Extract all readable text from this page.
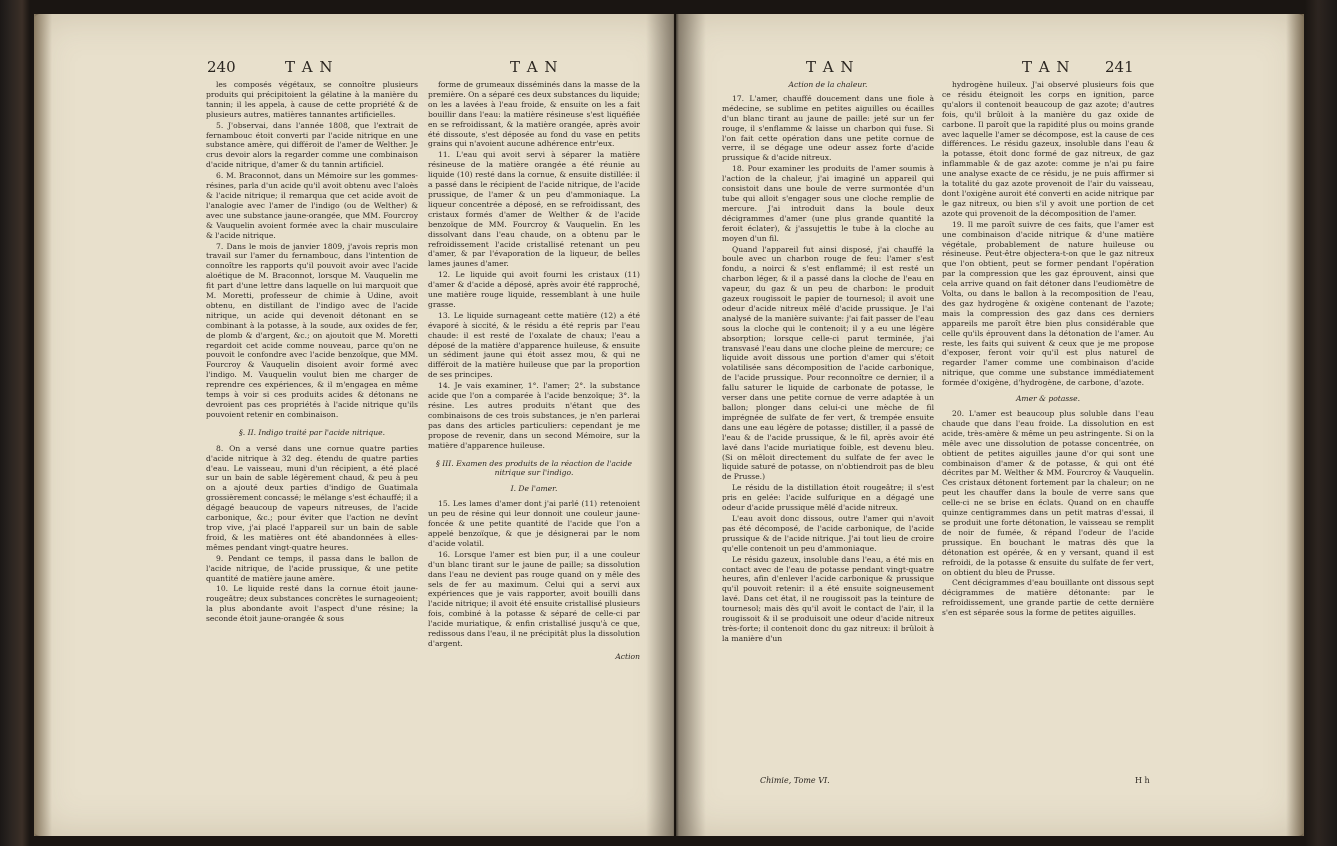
240	T A N	T A N

les composés végétaux, se connoître plusieurs produits qui précipitoient la gélatine à la manière du tannin; il les appela, à cause de cette propriété & de plusieurs autres, matières tannantes artificielles.

5. J'observai, dans l'année 1808, que l'extrait de fernambouc étoit converti par l'acide nitrique en une substance amère, qui différoit de l'amer de Welther. Je crus devoir alors la regarder comme une combinaison d'acide nitrique, d'amer & du tannin artificiel.

6. M. Braconnot, dans un Mémoire sur les gommes-résines, parla d'un acide qu'il avoit obtenu avec l'aloès & l'acide nitrique; il remarqua que cet acide avoit de l'analogie avec l'amer de l'indigo (ou de Welther) & avec une substance jaune-orangée, que MM. Fourcroy & Vauquelin avoient formée avec la chair musculaire & l'acide nitrique.

7. Dans le mois de janvier 1809, j'avois repris mon travail sur l'amer du fernambouc, dans l'intention de connoître les rapports qu'il pouvoit avoir avec l'acide aloétique de M. Braconnot, lorsque M. Vauquelin me fit part d'une lettre dans laquelle on lui marquoit que M. Moretti, professeur de chimie à Udine, avoit obtenu, en distillant de l'indigo avec de l'acide nitrique, un acide qui devenoit détonant en se combinant à la potasse, à la soude, aux oxides de fer, de plomb & d'argent, &c.; on ajoutoit que M. Moretti regardoit cet acide comme nouveau, parce qu'on ne pouvoit le confondre avec l'acide benzoïque, que MM. Fourcroy & Vauquelin disoient avoir formé avec l'indigo. M. Vauquelin voulut bien me charger de reprendre ces expériences, & il m'engagea en même temps à voir si ces produits acides & détonans ne devroient pas ces propriétés à l'acide nitrique qu'ils pouvoient retenir en combinaison.

§. II. Indigo traité par l'acide nitrique.

8. On a versé dans une cornue quatre parties d'acide nitrique à 32 deg. étendu de quatre parties d'eau. Le vaisseau, muni d'un récipient, a été placé sur un bain de sable légèrement chaud, & peu à peu on a ajouté deux parties d'indigo de Guatimala grossièrement concassé; le mélange s'est échauffé; il a dégagé beaucoup de vapeurs nitreuses, de l'acide carbonique, &c.; pour éviter que l'action ne devînt trop vive, j'ai placé l'appareil sur un bain de sable froid, & les matières ont été abandonnées à elles-mêmes pendant vingt-quatre heures.

9. Pendant ce temps, il passa dans le ballon de l'acide nitrique, de l'acide prussique, & une petite quantité de matière jaune amère.

10. Le liquide resté dans la cornue étoit jaune-rougeâtre; deux substances concrètes le surnageoient; la plus abondante avoit l'aspect d'une résine; la seconde étoit jaune-orangée & sous

forme de grumeaux disséminés dans la masse de la première. On a séparé ces deux substances du liquide; on les a lavées à l'eau froide, & ensuite on les a fait bouillir dans l'eau: la matière résineuse s'est liquéfiée en se refroidissant, & la matière orangée, après avoir été dissoute, s'est déposée au fond du vase en petits grains qui n'avoient aucune adhérence entr'eux.

11. L'eau qui avoit servi à séparer la matière résineuse de la matière orangée a été réunie au liquide (10) resté dans la cornue, & ensuite distillée: il a passé dans le récipient de l'acide nitrique, de l'acide prussique, de l'amer & un peu d'ammoniaque. La liqueur concentrée a déposé, en se refroidissant, des cristaux formés d'amer de Welther & de l'acide benzoïque de MM. Fourcroy & Vauquelin. En les dissolvant dans l'eau chaude, on a obtenu par le refroidissement l'acide cristallisé retenant un peu d'amer, & par l'évaporation de la liqueur, de belles lames jaunes d'amer.

12. Le liquide qui avoit fourni les cristaux (11) d'amer & d'acide a déposé, après avoir été rapproché, une matière rouge liquide, ressemblant à une huile grasse.

13. Le liquide surnageant cette matière (12) a été évaporé à siccité, & le résidu a été repris par l'eau chaude: il est resté de l'oxalate de chaux; l'eau a déposé de la matière d'apparence huileuse, & ensuite un sédiment jaune qui étoit assez mou, & qui ne différoit de la matière huileuse que par la proportion de ses principes.

14. Je vais examiner, 1°. l'amer; 2°. la substance acide que l'on a comparée à l'acide benzoïque; 3°. la résine. Les autres produits n'étant que des combinaisons de ces trois substances, je n'en parlerai pas dans des articles particuliers: cependant je me propose de revenir, dans un second Mémoire, sur la matière d'apparence huileuse.

§ III. Examen des produits de la réaction de l'acide nitrique sur l'indigo.

I. De l'amer.

15. Les lames d'amer dont j'ai parlé (11) retenoient un peu de résine qui leur donnoit une couleur jaune-foncée & une petite quantité de l'acide que l'on a appelé benzoïque, & que je désignerai par le nom d'acide volatil.

16. Lorsque l'amer est bien pur, il a une couleur d'un blanc tirant sur le jaune de paille; sa dissolution dans l'eau ne devient pas rouge quand on y mêle des sels de fer au maximum. Celui qui a servi aux expériences que je vais rapporter, avoit bouilli dans l'acide nitrique; il avoit été ensuite cristallisé plusieurs fois, combiné à la potasse & séparé de celle-ci par l'acide muriatique, & enfin cristallisé jusqu'à ce que, redissous dans l'eau, il ne précipitât plus la dissolution d'argent.

Action
T A N	T A N 241

Action de la chaleur.

17. L'amer, chauffé doucement dans une fiole à médecine, se sublime en petites aiguilles ou écailles d'un blanc tirant au jaune de paille: jeté sur un fer rouge, il s'enflamme & laisse un charbon qui fuse. Si l'on fait cette opération dans une petite cornue de verre, il se dégage une odeur assez forte d'acide prussique & d'acide nitreux.

18. Pour examiner les produits de l'amer soumis à l'action de la chaleur, j'ai imaginé un appareil qui consistoit dans une boule de verre surmontée d'un tube qui alloit s'engager sous une cloche remplie de mercure. J'ai introduit dans la boule deux décigrammes d'amer (une plus grande quantité la feroit éclater), & j'assujettis le tube à la cloche au moyen d'un fil.

Quand l'appareil fut ainsi disposé, j'ai chauffé la boule avec un charbon rouge de feu: l'amer s'est fondu, a noirci & s'est enflammé; il est resté un charbon léger, & il a passé dans la cloche de l'eau en vapeur, du gaz & un peu de charbon: le produit gazeux rougissoit le papier de tournesol; il avoit une odeur d'acide nitreux mêlé d'acide prussique. Je l'ai analysé de la manière suivante: j'ai fait passer de l'eau sous la cloche qui le contenoit; il y a eu une légère absorption; lorsque celle-ci parut terminée, j'ai transvasé l'eau dans une cloche pleine de mercure; ce liquide avoit dissous une portion d'amer qui s'étoit volatilisée sans décomposition de l'acide carbonique, de l'acide prussique. Pour reconnoître ce dernier, il a fallu saturer le liquide de carbonate de potasse, le verser dans une petite cornue de verre adaptée à un ballon; plonger dans celui-ci une mèche de fil imprégnée de sulfate de fer vert, & trempée ensuite dans une eau légère de potasse; distiller, il a passé de l'eau & de l'acide prussique, & le fil, après avoir été lavé dans l'acide muriatique foible, est devenu bleu. (Si on mêloit directement du sulfate de fer avec le liquide saturé de potasse, on n'obtiendroit pas de bleu de Prusse.)

Le résidu de la distillation étoit rougeâtre; il s'est pris en gelée: l'acide sulfurique en a dégagé une odeur d'acide prussique mêlé d'acide nitreux.

L'eau avoit donc dissous, outre l'amer qui n'avoit pas été décomposé, de l'acide carbonique, de l'acide prussique & de l'acide nitrique. J'ai tout lieu de croire qu'elle contenoit un peu d'ammoniaque.

Le résidu gazeux, insoluble dans l'eau, a été mis en contact avec de l'eau de potasse pendant vingt-quatre heures, afin d'enlever l'acide carbonique & prussique qu'il pouvoit retenir: il a été ensuite soigneusement lavé. Dans cet état, il ne rougissoit pas la teinture de tournesol; mais dès qu'il avoit le contact de l'air, il la rougissoit & il se produisoit une odeur d'acide nitreux très-forte; il contenoit donc du gaz nitreux: il brûloit à la manière d'un

Chimie, Tome VI.

hydrogène huileux. J'ai observé plusieurs fois que ce résidu éteignoit les corps en ignition, parce qu'alors il contenoit beaucoup de gaz azote; d'autres fois, qu'il brûloit à la manière du gaz oxide de carbone. Il paroît que la rapidité plus ou moins grande avec laquelle l'amer se décompose, est la cause de ces différences. Le résidu gazeux, insoluble dans l'eau & la potasse, étoit donc formé de gaz nitreux, de gaz inflammable & de gaz azote: comme je n'ai pu faire une analyse exacte de ce résidu, je ne puis affirmer si la totalité du gaz azote provenoit de l'air du vaisseau, dont l'oxigène auroit été converti en acide nitrique par le gaz nitreux, ou bien s'il y avoit une portion de cet azote qui provenoit de la décomposition de l'amer.

19. Il me paroît suivre de ces faits, que l'amer est une combinaison d'acide nitrique & d'une matière végétale, probablement de nature huileuse ou résineuse. Peut-être objectera-t-on que le gaz nitreux que l'on obtient, peut se former pendant l'opération par la compression que les gaz éprouvent, ainsi que cela arrive quand on fait détoner dans l'eudiomètre de Volta, ou dans le ballon à la recomposition de l'eau, des gaz hydrogène & oxigène contenant de l'azote; mais la compression des gaz dans ces derniers appareils me paroît être bien plus considérable que celle qu'ils éprouvent dans la détonation de l'amer. Au reste, les faits qui suivent & ceux que je me propose d'exposer, feront voir qu'il est plus naturel de regarder l'amer comme une combinaison d'acide nitrique, que comme une substance immédiatement formée d'oxigène, d'hydrogène, de carbone, d'azote.

Amer & potasse.

20. L'amer est beaucoup plus soluble dans l'eau chaude que dans l'eau froide. La dissolution en est acide, très-amère & même un peu astringente. Si on la mêle avec une dissolution de potasse concentrée, on obtient de petites aiguilles jaune d'or qui sont une combinaison d'amer & de potasse, & qui ont été décrites par M. Welther & MM. Fourcroy & Vauquelin. Ces cristaux détonent fortement par la chaleur; on ne peut les chauffer dans la boule de verre sans que celle-ci ne se brise en éclats. Quand on en chauffe quinze centigrammes dans un petit matras d'essai, il se produit une forte détonation, le vaisseau se remplit de noir de fumée, & répand l'odeur de l'acide prussique. En bouchant le matras dès que la détonation est opérée, & en y versant, quand il est refroidi, de la potasse & ensuite du sulfate de fer vert, on obtient du bleu de Prusse.

Cent décigrammes d'eau bouillante ont dissous sept décigrammes de matière détonante: par le refroidissement, une grande partie de cette dernière s'en est séparée sous la forme de petites aiguilles.

H h
